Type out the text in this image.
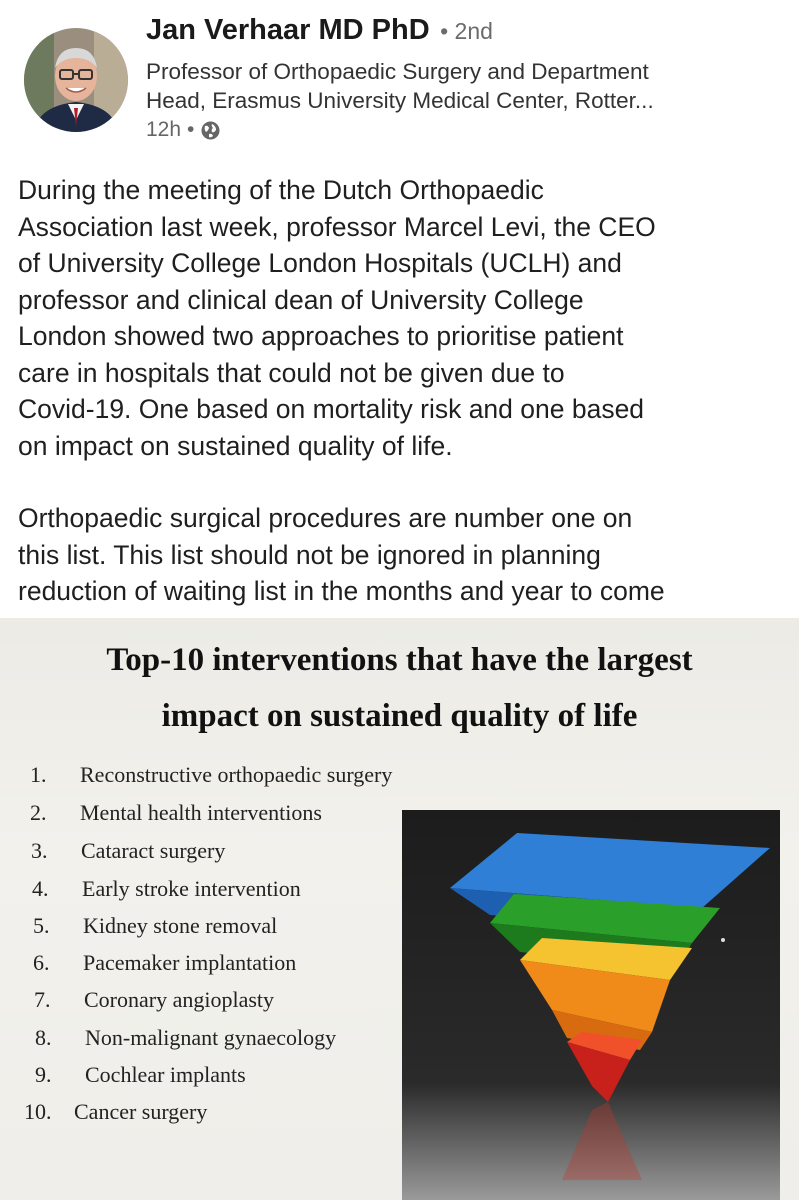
Jan Verhaar MD PhD • 2nd
Professor of Orthopaedic Surgery and Department
Head, Erasmus University Medical Center, Rotter...
12h •
During the meeting of the Dutch Orthopaedic
Association last week, professor Marcel Levi, the CEO
of University College London Hospitals (UCLH) and
professor and clinical dean of University College
London showed two approaches to prioritise patient
care in hospitals that could not be given due to
Covid-19. One based on mortality risk and one based
on impact on sustained quality of life.
Orthopaedic surgical procedures are number one on
this list. This list should not be ignored in planning
reduction of waiting list in the months and year to come
Top-10 interventions that have the largest
impact on sustained quality of life
1. Reconstructive orthopaedic surgery
2. Mental health interventions
3. Cataract surgery
4. Early stroke intervention
5. Kidney stone removal
6. Pacemaker implantation
7. Coronary angioplasty
8. Non-malignant gynaecology
9. Cochlear implants
10. Cancer surgery
